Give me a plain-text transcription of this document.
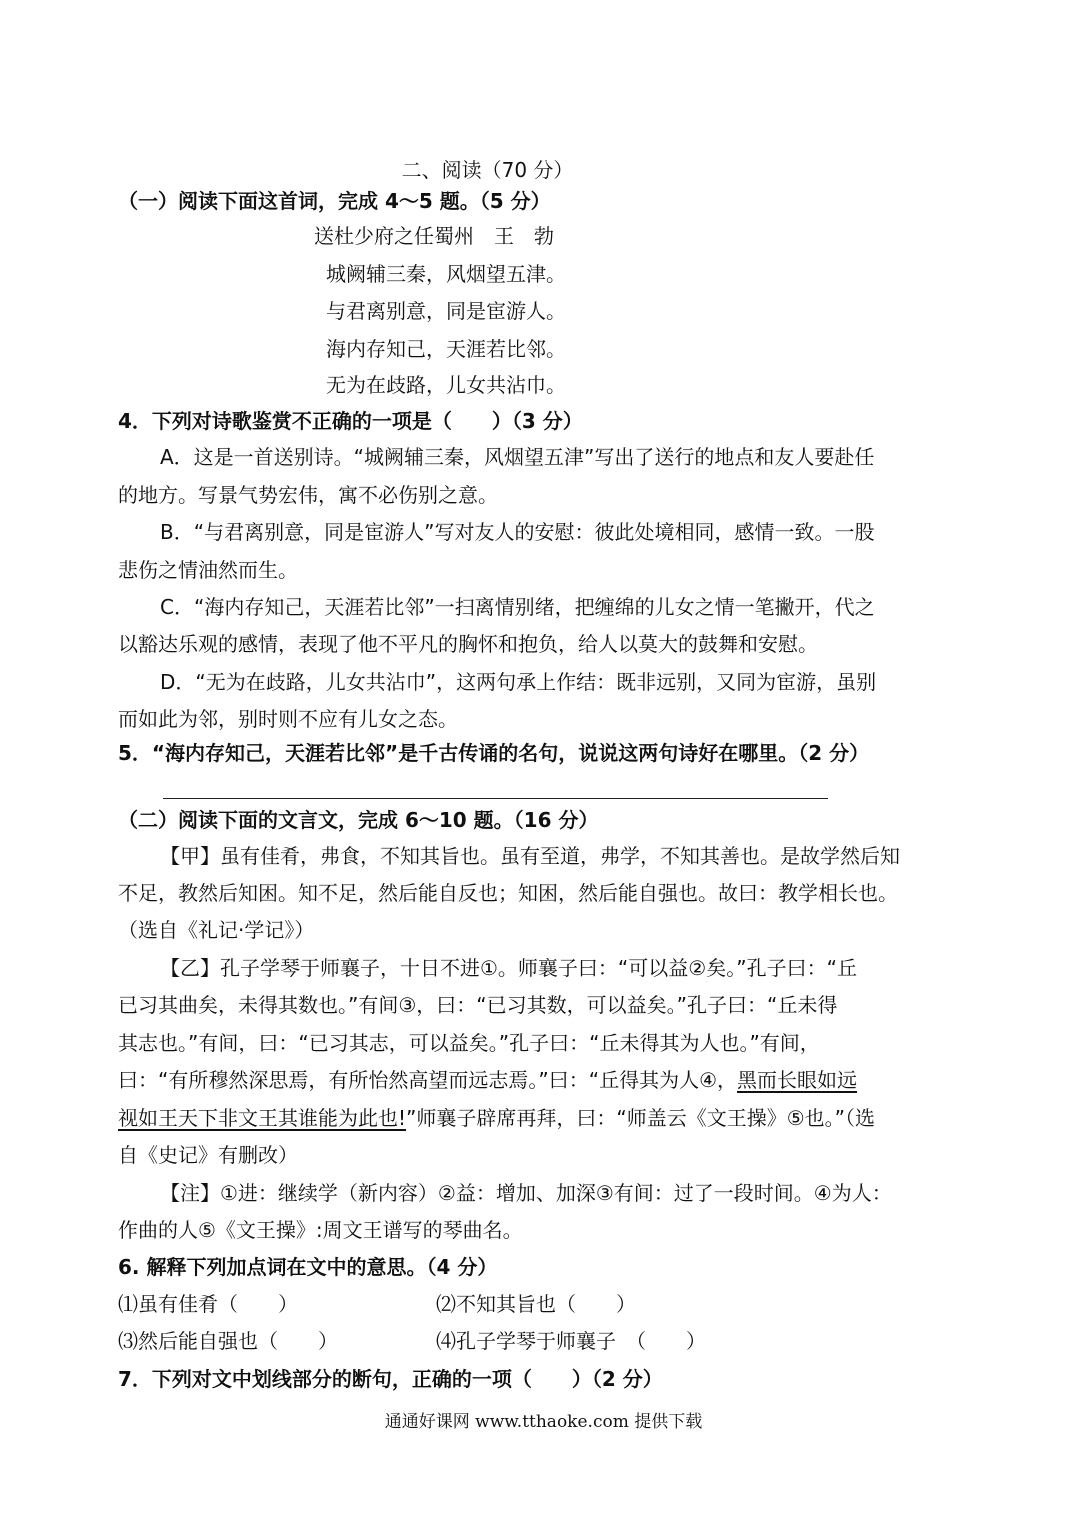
二、阅读（70 分）
（一）阅读下面这首词，完成 4～5 题。（5 分）
送杜少府之任蜀州　王　勃
城阙辅三秦，风烟望五津。
与君离别意，同是宦游人。
海内存知己，天涯若比邻。
无为在歧路，儿女共沾巾。
4．下列对诗歌鉴赏不正确的一项是（　　）（3 分）
A．这是一首送别诗。“城阙辅三秦，风烟望五津”写出了送行的地点和友人要赴任
的地方。写景气势宏伟，寓不必伤别之意。
B．“与君离别意，同是宦游人”写对友人的安慰：彼此处境相同，感情一致。一股
悲伤之情油然而生。
C．“海内存知己，天涯若比邻”一扫离情别绪，把缠绵的儿女之情一笔撇开，代之
以豁达乐观的感情，表现了他不平凡的胸怀和抱负，给人以莫大的鼓舞和安慰。
D．“无为在歧路，儿女共沾巾”，这两句承上作结：既非远别，又同为宦游，虽别
而如此为邻，别时则不应有儿女之态。
5．“海内存知己，天涯若比邻”是千古传诵的名句，说说这两句诗好在哪里。（2 分）
（二）阅读下面的文言文，完成 6～10 题。（16 分）
【甲】虽有佳肴，弗食，不知其旨也。虽有至道，弗学，不知其善也。是故学然后知
不足，教然后知困。知不足，然后能自反也；知困，然后能自强也。故曰：教学相长也。
（选自《礼记·学记》）
【乙】孔子学琴于师襄子，十日不进①。师襄子曰：“可以益②矣。”孔子曰：“丘
已习其曲矣，未得其数也。”有间③，曰：“已习其数，可以益矣。”孔子曰：“丘未得
其志也。”有间，曰：“已习其志，可以益矣。”孔子曰：“丘未得其为人也。”有间，
曰：“有所穆然深思焉，有所怡然高望而远志焉。”曰：“丘得其为人④，黑而长眼如远
视如王天下非文王其谁能为此也!”师襄子辟席再拜，曰：“师盖云《文王操》⑤也。”（选
自《史记》有删改）
【注】①进：继续学（新内容）②益：增加、加深③有间：过了一段时间。④为人：
作曲的人⑤《文王操》:周文王谱写的琴曲名。
6. 解释下列加点词在文中的意思。（4 分）
⑴虽有佳肴（　　）	⑵不知其旨也（　　）
⑶然后能自强也（　　）	⑷孔子学琴于师襄子　（　　）
7．下列对文中划线部分的断句，正确的一项（　　）（2 分）
通通好课网 www.tthaoke.com 提供下载
